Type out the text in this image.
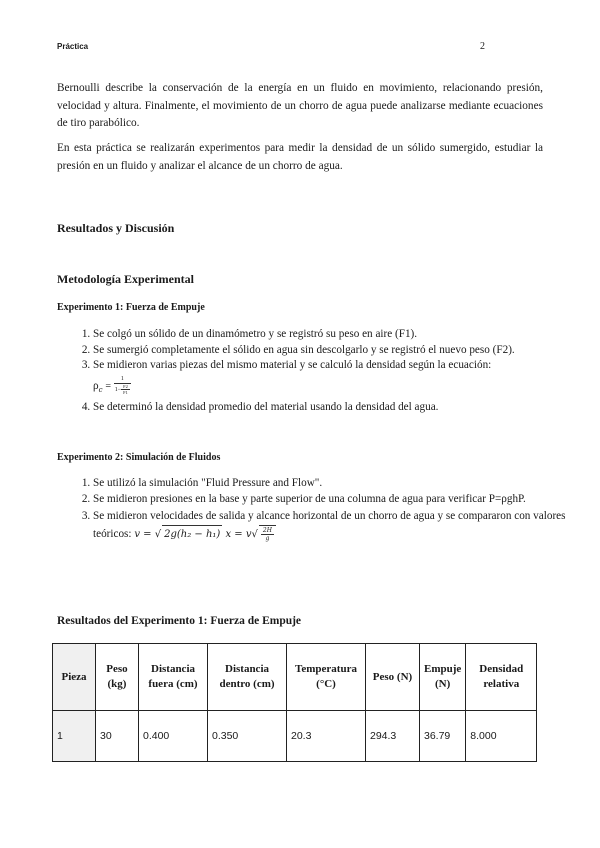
Práctica	2

Bernoulli describe la conservación de la energía en un fluido en movimiento, relacionando presión, velocidad y altura. Finalmente, el movimiento de un chorro de agua puede analizarse mediante ecuaciones de tiro parabólico.

En esta práctica se realizarán experimentos para medir la densidad de un sólido sumergido, estudiar la presión en un fluido y analizar el alcance de un chorro de agua.

Resultados y Discusión
Metodología Experimental
Experimento 1: Fuerza de Empuje
1. Se colgó un sólido de un dinamómetro y se registró su peso en aire (F1).
2. Se sumergió completamente el sólido en agua sin descolgarlo y se registró el nuevo peso (F2).
3. Se midieron varias piezas del mismo material y se calculó la densidad según la ecuación:
$\rho_c = \frac{1}{1- \frac{F2}{F1}}$
4. Se determinó la densidad promedio del material usando la densidad del agua.
Experimento 2: Simulación de Fluidos
1. Se utilizó la simulación "Fluid Pressure and Flow".
2. Se midieron presiones en la base y parte superior de una columna de agua para verificar P=ρghP.
3. Se midieron velocidades de salida y alcance horizontal de un chorro de agua y se compararon con valores teóricos: v = √ 2g(h₂ − h₁) $x = v√ \frac{2H}{g}$
Resultados del Experimento 1: Fuerza de Empuje
Pieza	Peso (kg)	Distancia fuera (cm)	Distancia dentro (cm)	Temperatura (°C)	Peso (N)	Empuje (N)	Densidad relativa
1	30	0.400	0.350	20.3	294.3	36.79	8.000
